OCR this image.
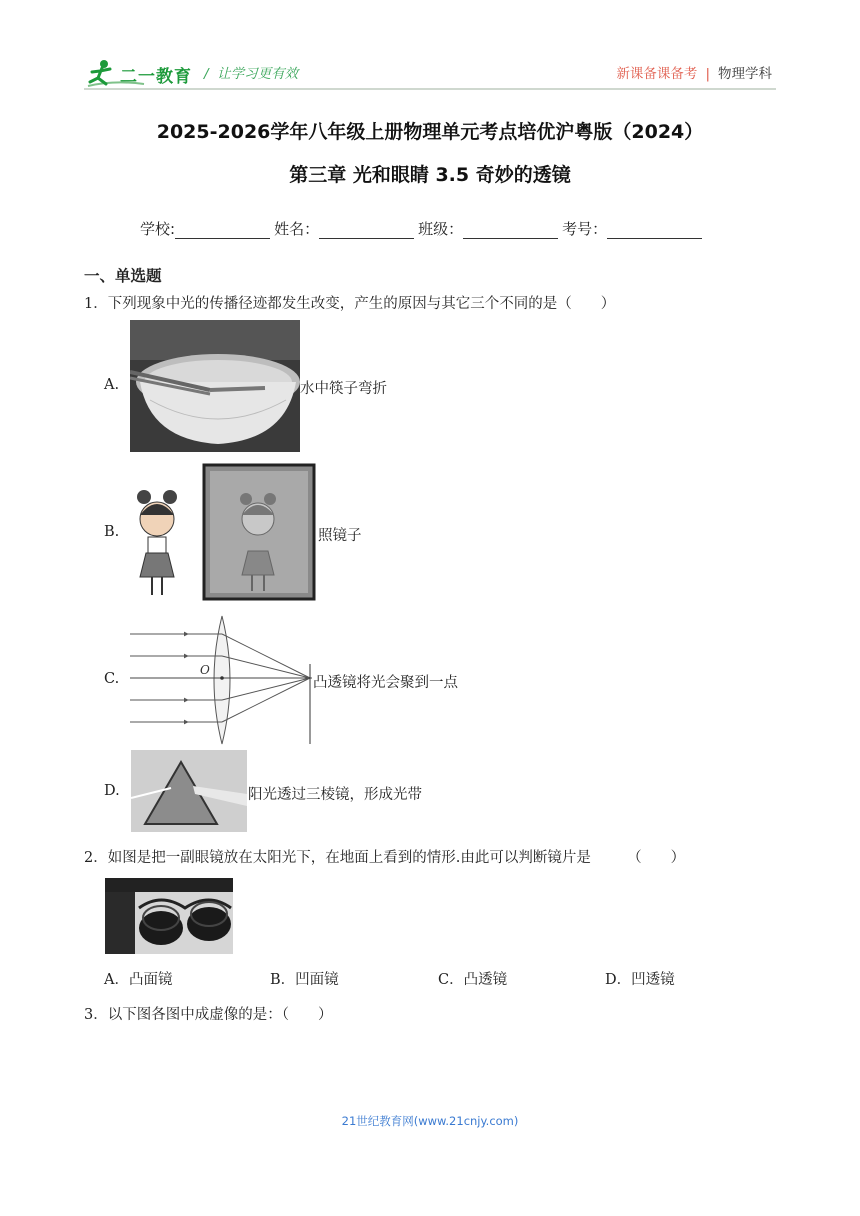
二一教育 /  让学习更有效	新课备课备考 | 物理学科
2025-2026学年八年级上册物理单元考点培优沪粤版（2024）
第三章 光和眼睛 3.5 奇妙的透镜
学校:	姓名：	班级：	考号：
一、单选题
1．下列现象中光的传播径迹都发生改变，产生的原因与其它三个不同的是（　　）
A.	水中筷子弯折
B.	照镜子
C.
O
凸透镜将光会聚到一点
D.	阳光透过三棱镜，形成光带
2．如图是把一副眼镜放在太阳光下，在地面上看到的情形.由此可以判断镜片是　　　（　　）
A．凸面镜	B．凹面镜	C．凸透镜	D．凹透镜
3．以下图各图中成虚像的是：（　　）
21世纪教育网(www.21cnjy.com)
